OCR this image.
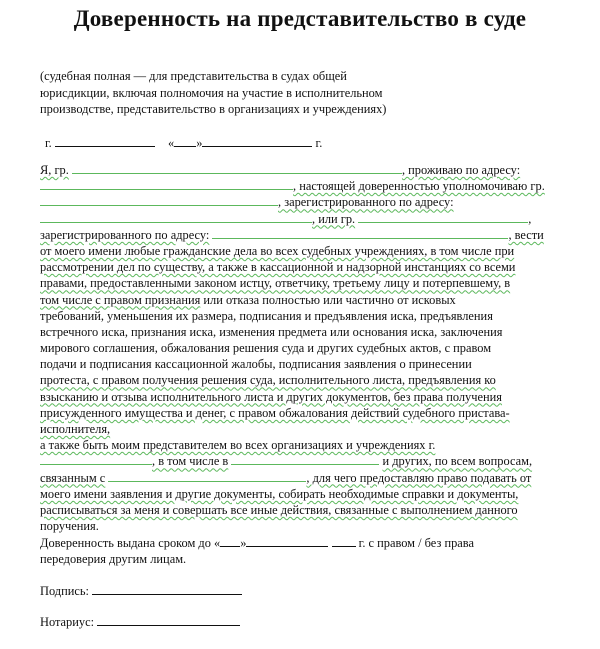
Доверенность на представительство в суде
(судебная полная — для представительства в судах общей
юрисдикции, включая полномочия на участие в исполнительном
производстве, представительство в организациях и учреждениях)
г.	« »	г.
Я, гр.	, проживаю по адресу:
, настоящей доверенностью уполномочиваю гр.
, зарегистрированного по адресу:
, или гр.	,
зарегистрированного по адресу:	, вести
от моего имени любые гражданские дела во всех судебных учреждениях, в том числе при
рассмотрении дел по существу, а также в кассационной и надзорной инстанциях со всеми
правами, предоставленными законом истцу, ответчику, третьему лицу и потерпевшему, в
том числе с правом признания или отказа полностью или частично от исковых
требований, уменьшения их размера, подписания и предъявления иска, предъявления
встречного иска, признания иска, изменения предмета или основания иска, заключения
мирового соглашения, обжалования решения суда и других судебных актов, с правом
подачи и подписания кассационной жалобы, подписания заявления о принесении
протеста, с правом получения решения суда, исполнительного листа, предъявления ко
взысканию и отзыва исполнительного листа и других документов, без права получения
присужденного имущества и денег, с правом обжалования действий судебного пристава-
исполнителя,
а также быть моим представителем во всех организациях и учреждениях г.
, в том числе в	и других, по всем вопросам,
связанным с	, для чего предоставляю право подавать от
моего имени заявления и другие документы, собирать необходимые справки и документы,
расписываться за меня и совершать все иные действия, связанные с выполнением данного
поручения.
Доверенность выдана сроком до « »	г. с правом / без права
передоверия другим лицам.
Подпись:
Нотариус:
